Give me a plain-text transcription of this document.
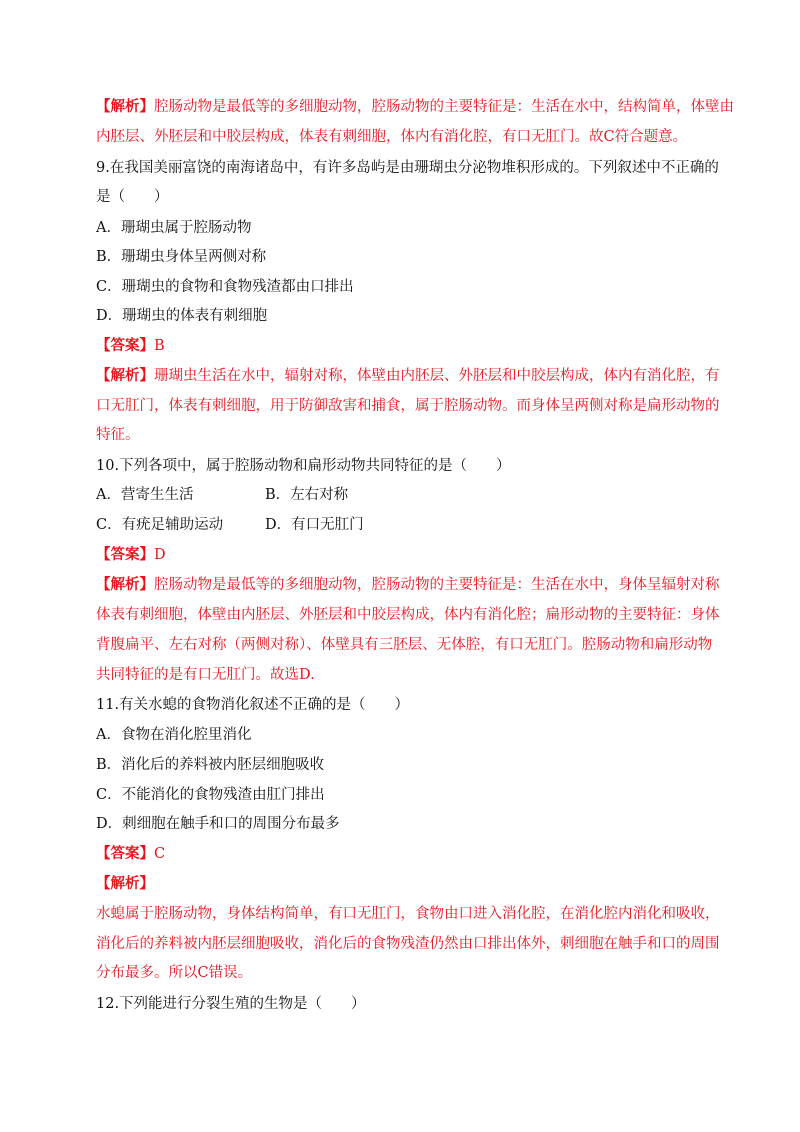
【解析】腔肠动物是最低等的多细胞动物，腔肠动物的主要特征是：生活在水中，结构简单，体壁由
内胚层、外胚层和中胶层构成，体表有刺细胞，体内有消化腔，有口无肛门。故C符合题意。
9.在我国美丽富饶的南海诸岛中，有许多岛屿是由珊瑚虫分泌物堆积形成的。下列叙述中不正确的
是（　　）
A．珊瑚虫属于腔肠动物
B．珊瑚虫身体呈两侧对称
C．珊瑚虫的食物和食物残渣都由口排出
D．珊瑚虫的体表有刺细胞
【答案】B
【解析】珊瑚虫生活在水中，辐射对称，体壁由内胚层、外胚层和中胶层构成，体内有消化腔，有
口无肛门，体表有刺细胞，用于防御敌害和捕食，属于腔肠动物。而身体呈两侧对称是扁形动物的
特征。
10.下列各项中，属于腔肠动物和扁形动物共同特征的是（　　）
A．营寄生生活	B．左右对称
C．有疣足辅助运动	D．有口无肛门
【答案】D
【解析】腔肠动物是最低等的多细胞动物，腔肠动物的主要特征是：生活在水中，身体呈辐射对称
体表有刺细胞，体壁由内胚层、外胚层和中胶层构成，体内有消化腔；扁形动物的主要特征：身体
背腹扁平、左右对称（两侧对称）、体壁具有三胚层、无体腔，有口无肛门。腔肠动物和扁形动物
共同特征的是有口无肛门。故选D.
11.有关水螅的食物消化叙述不正确的是（　　）
A．食物在消化腔里消化
B．消化后的养料被内胚层细胞吸收
C．不能消化的食物残渣由肛门排出
D．刺细胞在触手和口的周围分布最多
【答案】C
【解析】
水螅属于腔肠动物，身体结构简单，有口无肛门，食物由口进入消化腔，在消化腔内消化和吸收，
消化后的养料被内胚层细胞吸收，消化后的食物残渣仍然由口排出体外，刺细胞在触手和口的周围
分布最多。所以C错误。
12.下列能进行分裂生殖的生物是（　　）
